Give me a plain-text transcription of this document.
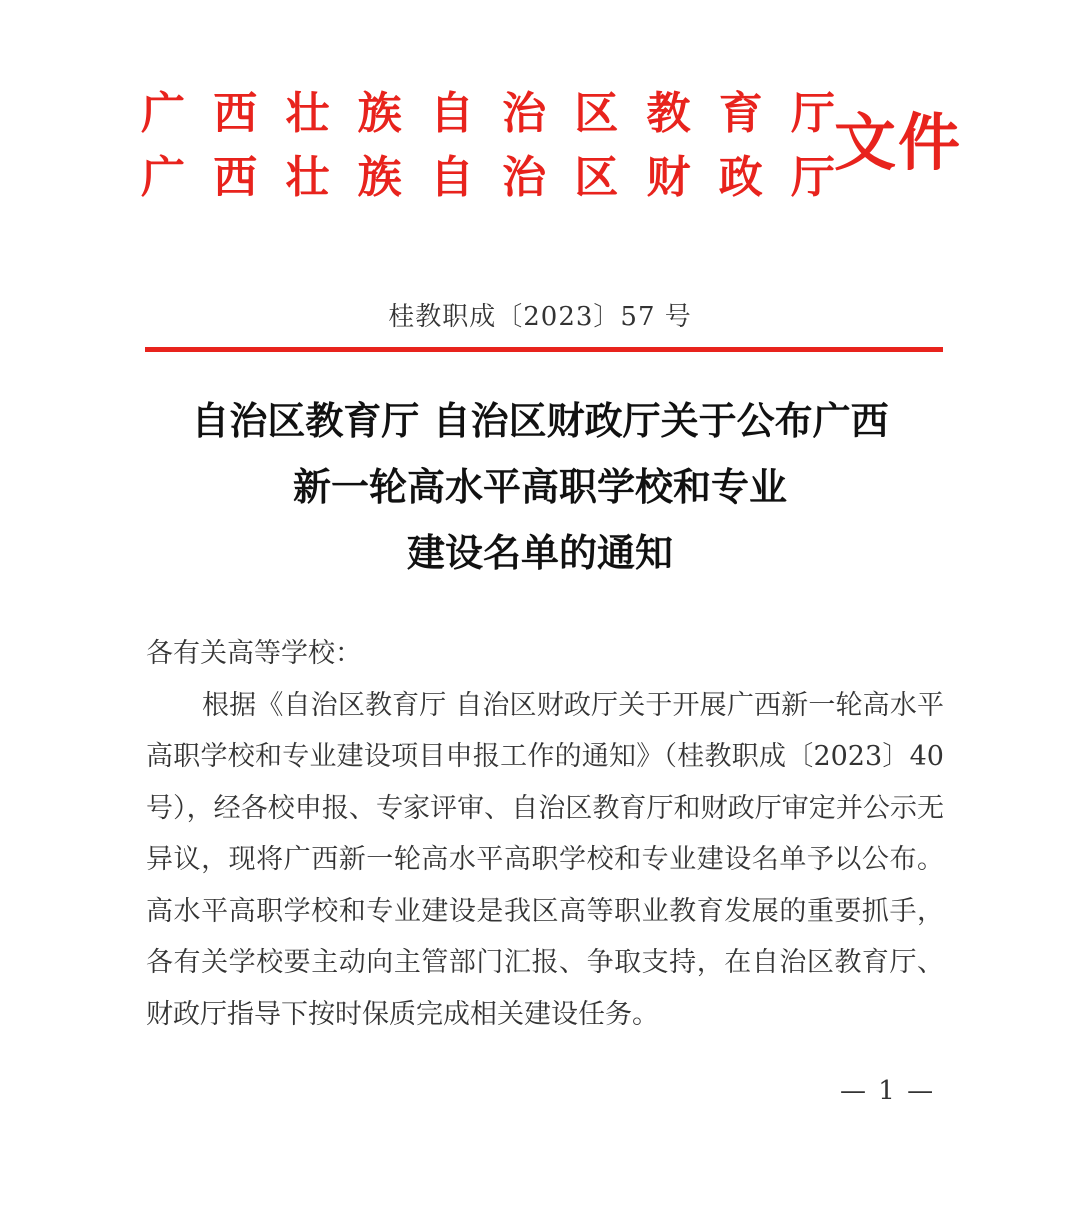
广 西 壮 族 自 治 区 教 育 厅
广 西 壮 族 自 治 区 财 政 厅 文件
桂教职成〔2023〕57 号
自治区教育厅 自治区财政厅关于公布广西
新一轮高水平高职学校和专业
建设名单的通知

各有关高等学校：

根据《自治区教育厅 自治区财政厅关于开展广西新一轮高水平高职学校和专业建设项目申报工作的通知》（桂教职成〔2023〕40 号），经各校申报、专家评审、自治区教育厅和财政厅审定并公示无异议，现将广西新一轮高水平高职学校和专业建设名单予以公布。高水平高职学校和专业建设是我区高等职业教育发展的重要抓手，各有关学校要主动向主管部门汇报、争取支持，在自治区教育厅、财政厅指导下按时保质完成相关建设任务。

— 1 —
